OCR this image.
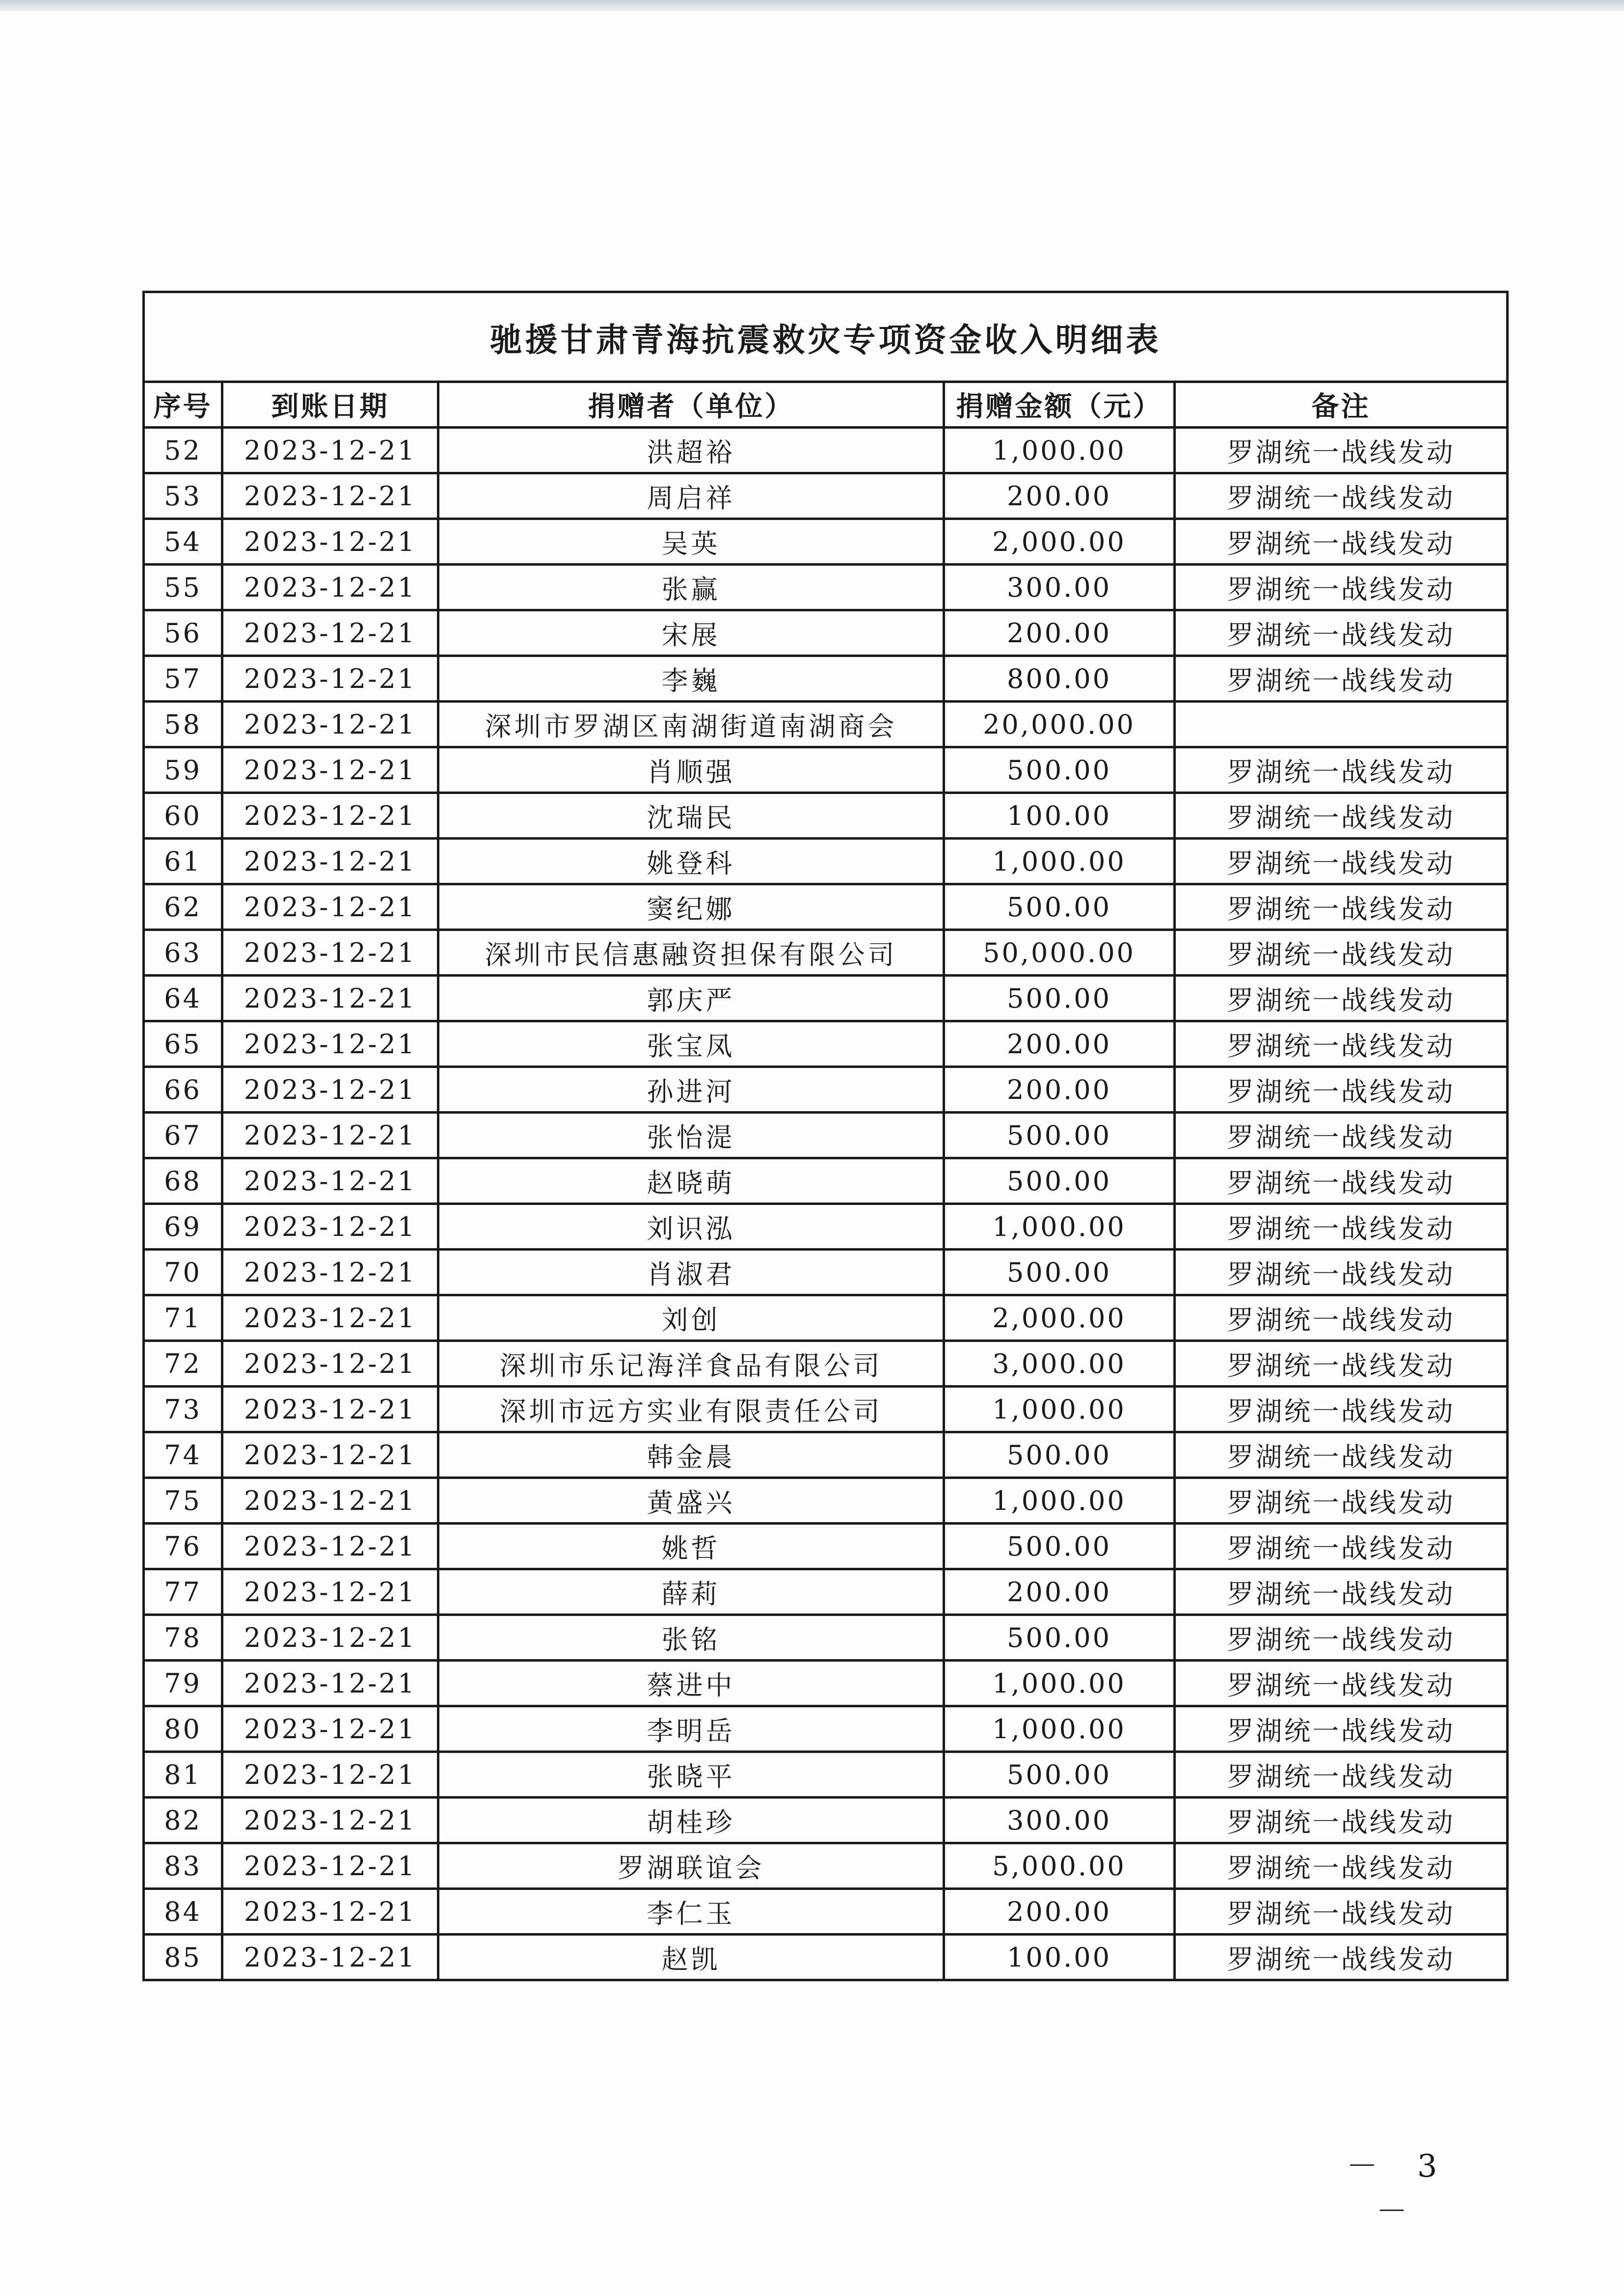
驰援甘肃青海抗震救灾专项资金收入明细表				
序号	到账日期	捐赠者（单位）	捐赠金额（元）	备注
52	2023-12-21	洪超裕	1,000.00	罗湖统一战线发动
53	2023-12-21	周启祥	200.00	罗湖统一战线发动
54	2023-12-21	吴英	2,000.00	罗湖统一战线发动
55	2023-12-21	张赢	300.00	罗湖统一战线发动
56	2023-12-21	宋展	200.00	罗湖统一战线发动
57	2023-12-21	李巍	800.00	罗湖统一战线发动
58	2023-12-21	深圳市罗湖区南湖街道南湖商会	20,000.00	
59	2023-12-21	肖顺强	500.00	罗湖统一战线发动
60	2023-12-21	沈瑞民	100.00	罗湖统一战线发动
61	2023-12-21	姚登科	1,000.00	罗湖统一战线发动
62	2023-12-21	窦纪娜	500.00	罗湖统一战线发动
63	2023-12-21	深圳市民信惠融资担保有限公司	50,000.00	罗湖统一战线发动
64	2023-12-21	郭庆严	500.00	罗湖统一战线发动
65	2023-12-21	张宝凤	200.00	罗湖统一战线发动
66	2023-12-21	孙进河	200.00	罗湖统一战线发动
67	2023-12-21	张怡湜	500.00	罗湖统一战线发动
68	2023-12-21	赵晓萌	500.00	罗湖统一战线发动
69	2023-12-21	刘识泓	1,000.00	罗湖统一战线发动
70	2023-12-21	肖淑君	500.00	罗湖统一战线发动
71	2023-12-21	刘创	2,000.00	罗湖统一战线发动
72	2023-12-21	深圳市乐记海洋食品有限公司	3,000.00	罗湖统一战线发动
73	2023-12-21	深圳市远方实业有限责任公司	1,000.00	罗湖统一战线发动
74	2023-12-21	韩金晨	500.00	罗湖统一战线发动
75	2023-12-21	黄盛兴	1,000.00	罗湖统一战线发动
76	2023-12-21	姚哲	500.00	罗湖统一战线发动
77	2023-12-21	薛莉	200.00	罗湖统一战线发动
78	2023-12-21	张铭	500.00	罗湖统一战线发动
79	2023-12-21	蔡进中	1,000.00	罗湖统一战线发动
80	2023-12-21	李明岳	1,000.00	罗湖统一战线发动
81	2023-12-21	张晓平	500.00	罗湖统一战线发动
82	2023-12-21	胡桂珍	300.00	罗湖统一战线发动
83	2023-12-21	罗湖联谊会	5,000.00	罗湖统一战线发动
84	2023-12-21	李仁玉	200.00	罗湖统一战线发动
85	2023-12-21	赵凯	100.00	罗湖统一战线发动
－ 3 －
